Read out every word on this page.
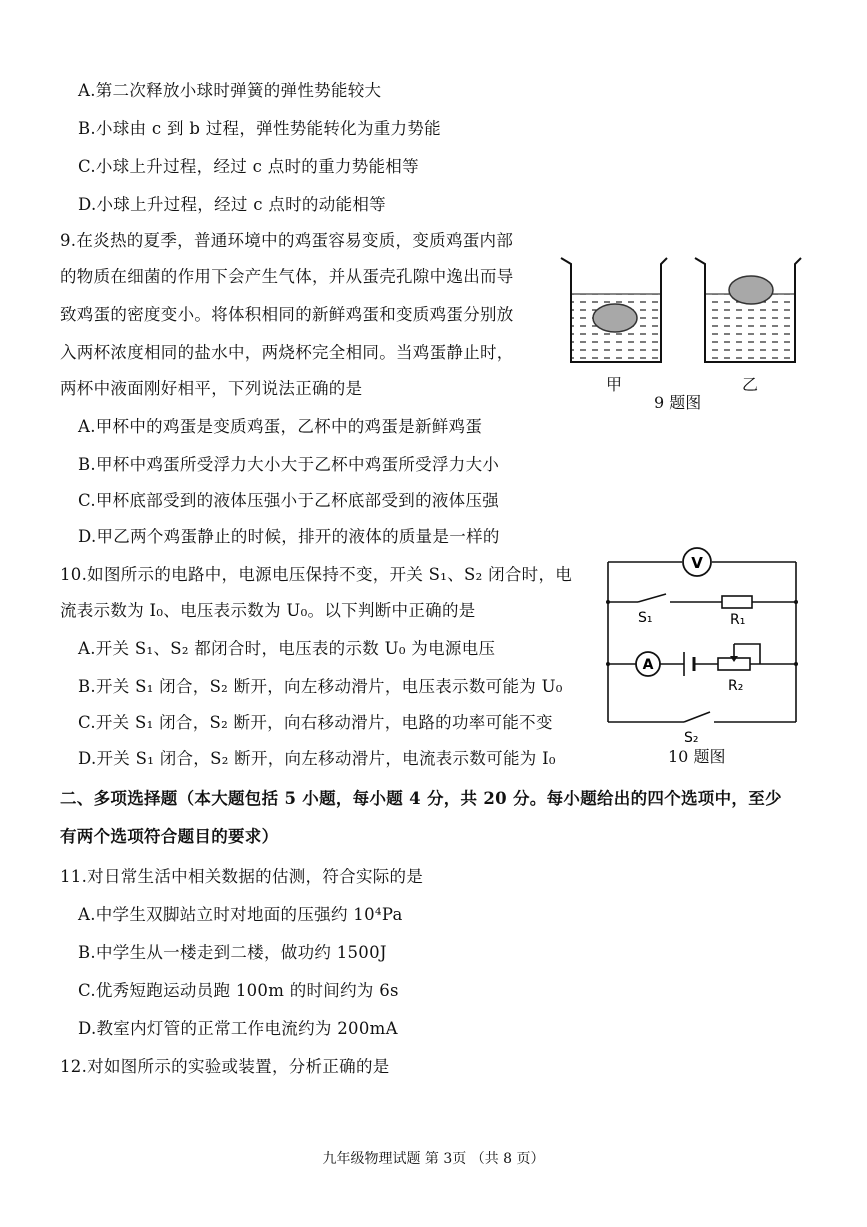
A.第二次释放小球时弹簧的弹性势能较大
B.小球由 c 到 b 过程，弹性势能转化为重力势能
C.小球上升过程，经过 c 点时的重力势能相等
D.小球上升过程，经过 c 点时的动能相等
9.在炎热的夏季，普通环境中的鸡蛋容易变质，变质鸡蛋内部
的物质在细菌的作用下会产生气体，并从蛋壳孔隙中逸出而导
致鸡蛋的密度变小。将体积相同的新鲜鸡蛋和变质鸡蛋分别放
入两杯浓度相同的盐水中，两烧杯完全相同。当鸡蛋静止时，
两杯中液面刚好相平，下列说法正确的是	甲	乙
9 题图
A.甲杯中的鸡蛋是变质鸡蛋，乙杯中的鸡蛋是新鲜鸡蛋
B.甲杯中鸡蛋所受浮力大小大于乙杯中鸡蛋所受浮力大小
C.甲杯底部受到的液体压强小于乙杯底部受到的液体压强
D.甲乙两个鸡蛋静止的时候，排开的液体的质量是一样的
10.如图所示的电路中，电源电压保持不变，开关 S₁、S₂ 闭合时，电
流表示数为 I₀、电压表示数为 U₀。以下判断中正确的是
V
A
S₁	R₁
R₂
S₂
10 题图
A.开关 S₁、S₂ 都闭合时，电压表的示数 U₀ 为电源电压
B.开关 S₁ 闭合，S₂ 断开，向左移动滑片，电压表示数可能为 U₀
C.开关 S₁ 闭合，S₂ 断开，向右移动滑片，电路的功率可能不变
D.开关 S₁ 闭合，S₂ 断开，向左移动滑片，电流表示数可能为 I₀
二、多项选择题（本大题包括 5 小题，每小题 4 分，共 20 分。每小题给出的四个选项中，至少
有两个选项符合题目的要求）
11.对日常生活中相关数据的估测，符合实际的是
A.中学生双脚站立时对地面的压强约 10⁴Pa
B.中学生从一楼走到二楼，做功约 1500J
C.优秀短跑运动员跑 100m 的时间约为 6s
D.教室内灯管的正常工作电流约为 200mA
12.对如图所示的实验或装置，分析正确的是
九年级物理试题 第 3页 （共 8 页）
